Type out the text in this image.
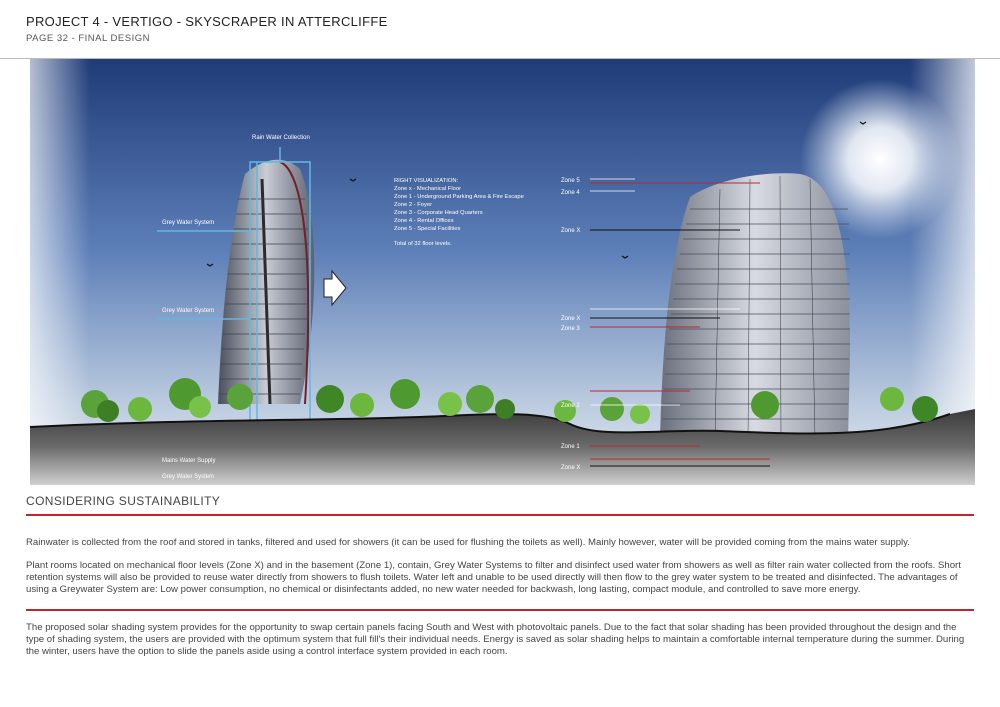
PROJECT 4 - VERTIGO - SKYSCRAPER IN ATTERCLIFFE
PAGE 32 - FINAL DESIGN
Rain Water Collection
Grey Water System
Grey Water System
Mains Water Supply
Grey Water System
RIGHT VISUALIZATION:
Zone x - Mechanical Floor
Zone 1 - Underground Parking Area & Fire Escape
Zone 2 - Foyer
Zone 3 - Corporate Head Quarters
Zone 4 - Rental Offices
Zone 5 - Special Facilities
Total of 32 floor levels.
Zone 5
Zone 4
Zone X
Zone X
Zone 3
Zone 2
Zone 1
Zone X
CONSIDERING SUSTAINABILITY

Rainwater is collected from the roof and stored in tanks, filtered and used for showers (it can be used for flushing the toilets as well). Mainly however, water will be provided coming from the mains water supply.

Plant rooms located on mechanical floor levels (Zone X) and in the basement (Zone 1), contain, Grey Water Systems to filter and disinfect used water from showers as well as filter rain water collected from the roofs. Short retention systems will also be provided to reuse water directly from showers to flush toilets. Water left and unable to be used directly will then flow to the grey water system to be treated and disinfected. The advantages of using a Greywater System are: Low power consumption, no chemical or disinfectants added, no new water needed for backwash, long lasting, compact module, and controlled to save more energy.

The proposed solar shading system provides for the opportunity to swap certain panels facing South and West with photovoltaic panels. Due to the fact that solar shading has been provided throughout the design and the type of shading system, the users are provided with the optimum system that full fill's their individual needs. Energy is saved as solar shading helps to maintain a comfortable internal temperature during the summer. During the winter, users have the option to slide the panels aside using a control interface system provided in each room.
